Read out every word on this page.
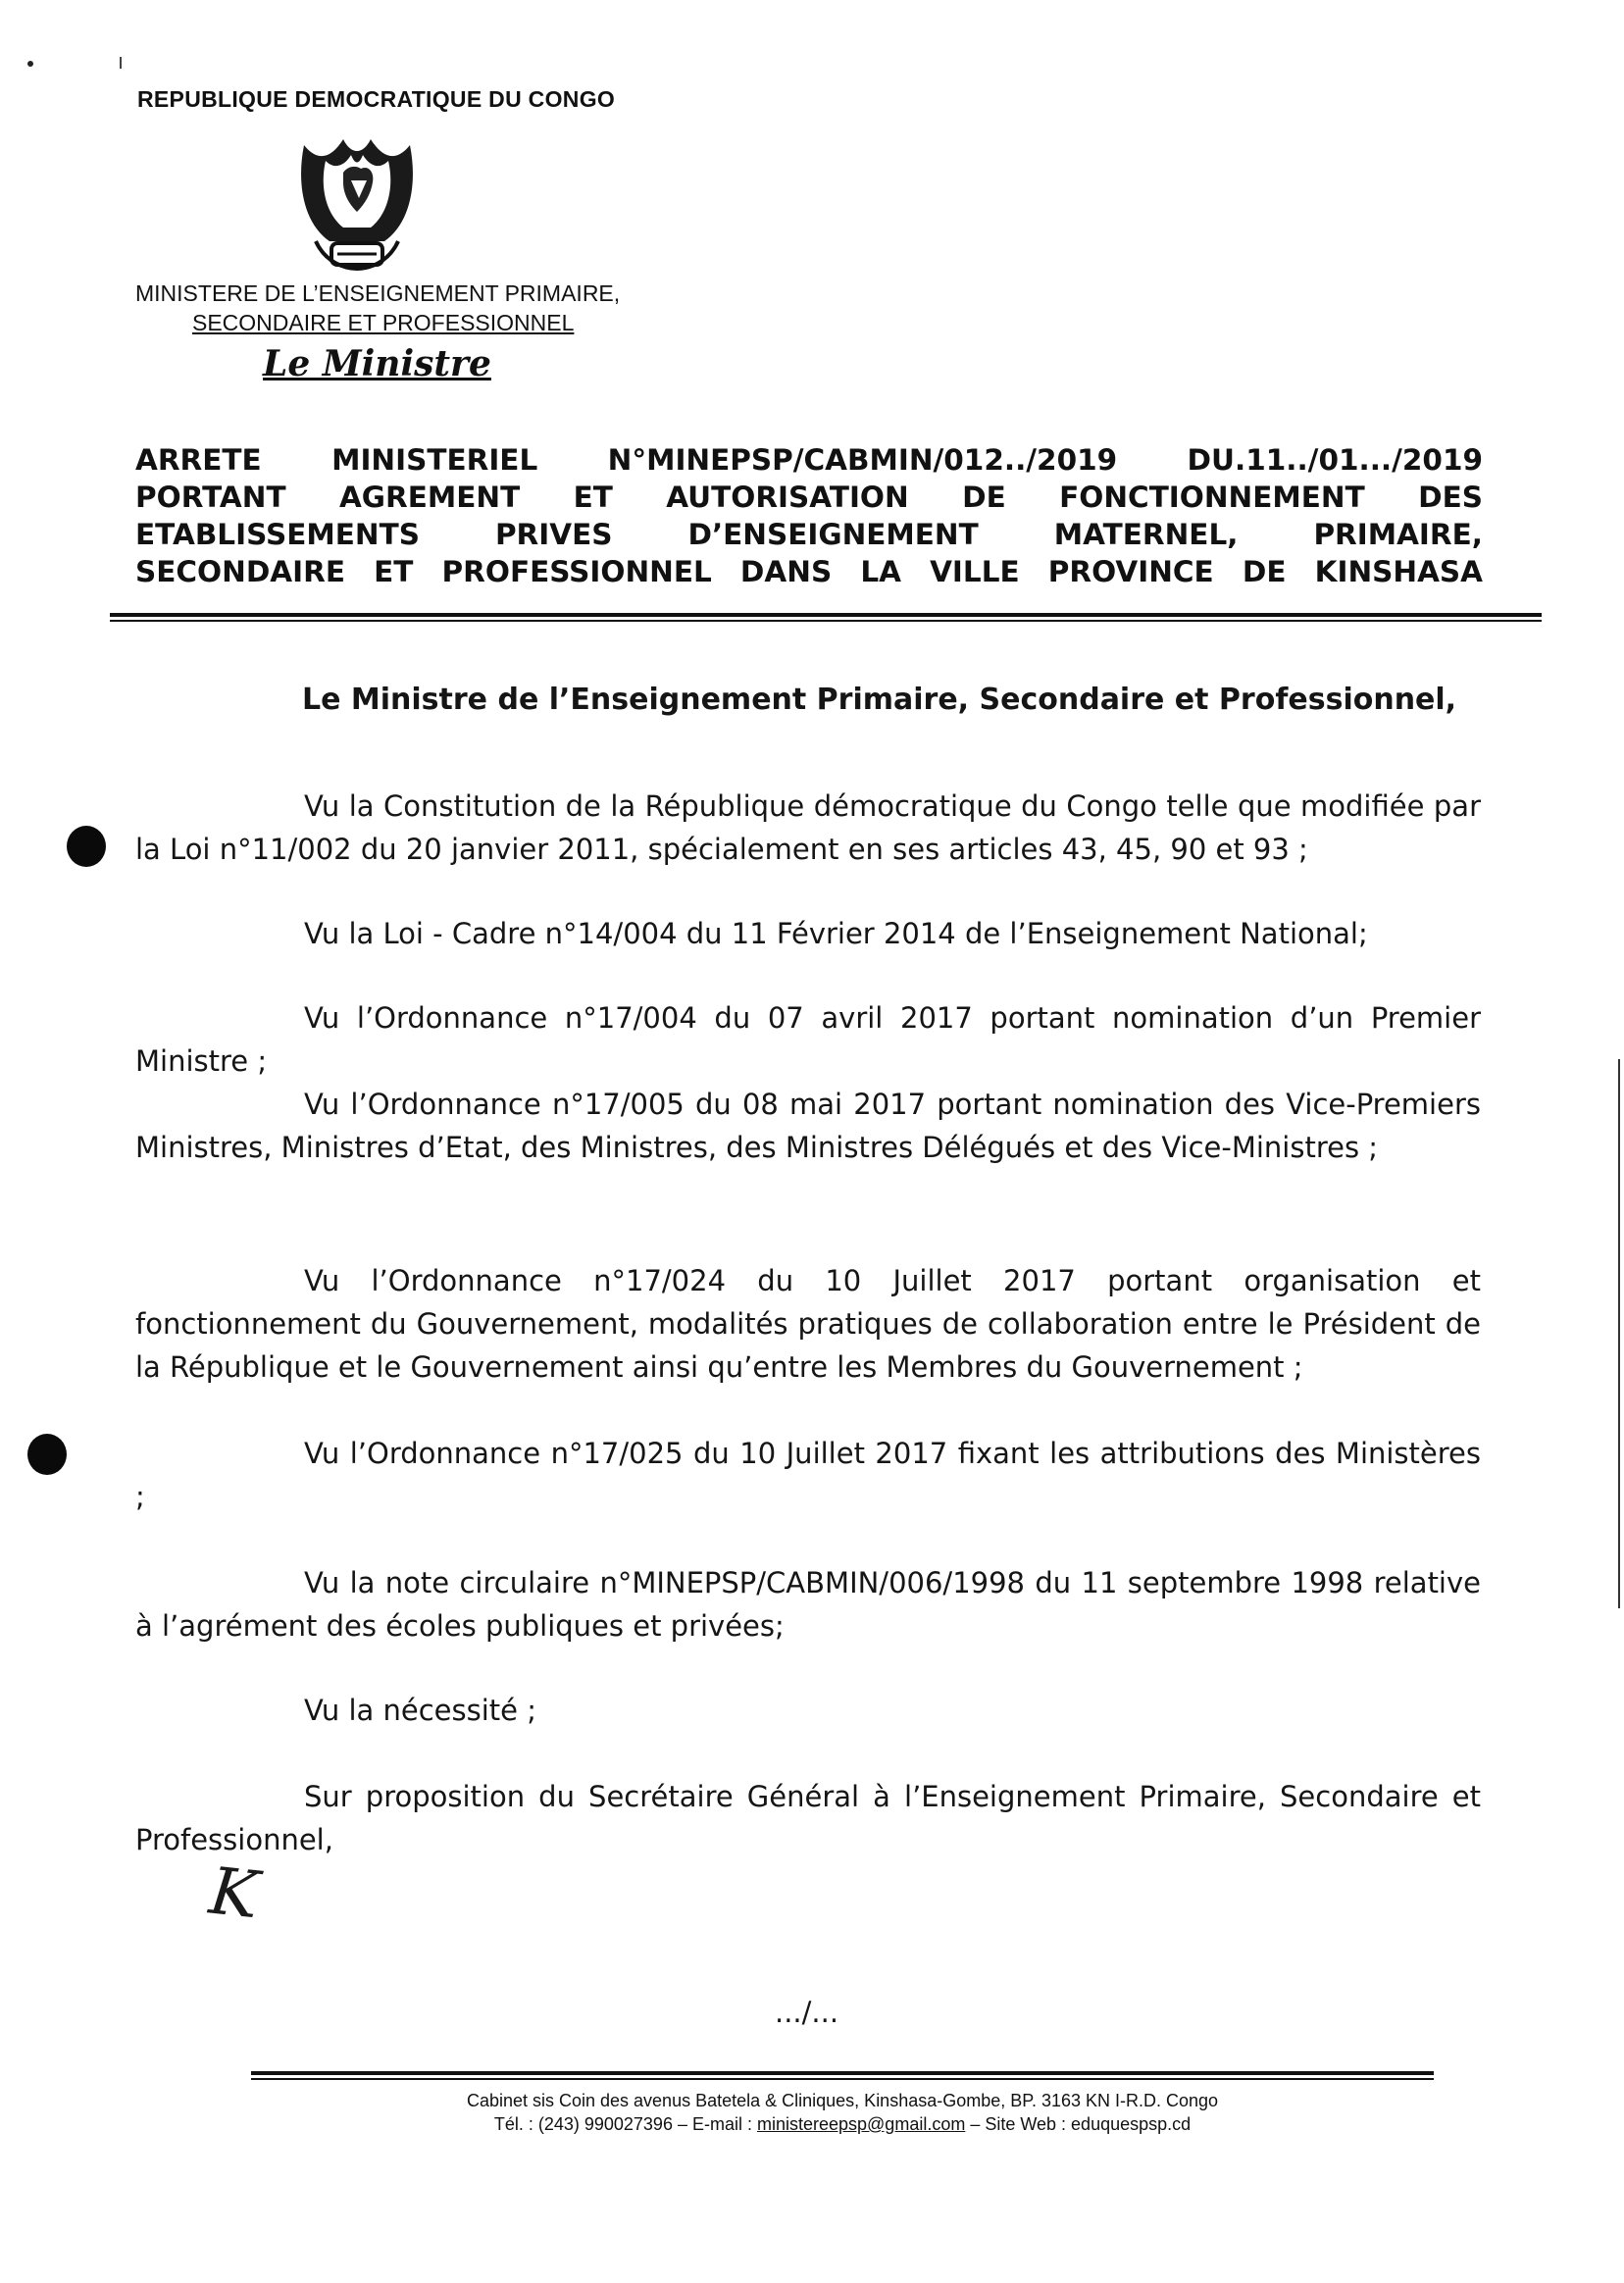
REPUBLIQUE DEMOCRATIQUE DU CONGO
MINISTERE DE L’ENSEIGNEMENT PRIMAIRE,
SECONDAIRE ET PROFESSIONNEL
Le Ministre
ARRETE MINISTERIEL N°MINEPSP/CABMIN/012../2019 DU.11../01.../2019
PORTANT AGREMENT ET AUTORISATION DE FONCTIONNEMENT DES
ETABLISSEMENTS PRIVES D’ENSEIGNEMENT MATERNEL, PRIMAIRE,
SECONDAIRE ET PROFESSIONNEL DANS LA VILLE PROVINCE DE KINSHASA
Le Ministre de l’Enseignement Primaire, Secondaire et Professionnel,
Vu la Constitution de la République démocratique du Congo telle que modifiée par la Loi n°11/002 du 20 janvier 2011, spécialement en ses articles 43, 45, 90 et 93 ;
Vu la Loi - Cadre n°14/004 du 11 Février 2014 de l’Enseignement National;
Vu l’Ordonnance n°17/004 du 07 avril 2017 portant nomination d’un Premier Ministre ;
Vu l’Ordonnance n°17/005 du 08 mai 2017 portant nomination des Vice-Premiers Ministres, Ministres d’Etat, des Ministres, des Ministres Délégués et des Vice-Ministres ;
Vu l’Ordonnance n°17/024 du 10 Juillet 2017 portant organisation et fonctionnement du Gouvernement, modalités pratiques de collaboration entre le Président de la République et le Gouvernement ainsi qu’entre les Membres du Gouvernement ;
Vu l’Ordonnance n°17/025 du 10 Juillet 2017 fixant les attributions des Ministères ;
Vu la note circulaire n°MINEPSP/CABMIN/006/1998 du 11 septembre 1998 relative à l’agrément des écoles publiques et privées;
Vu la nécessité ;
Sur proposition du Secrétaire Général à l’Enseignement Primaire, Secondaire et Professionnel,
K
.../...
Cabinet sis Coin des avenus Batetela & Cliniques, Kinshasa-Gombe, BP. 3163 KN I-R.D. Congo
Tél. : (243) 990027396 – E-mail : ministereepsp@gmail.com – Site Web : eduquespsp.cd
